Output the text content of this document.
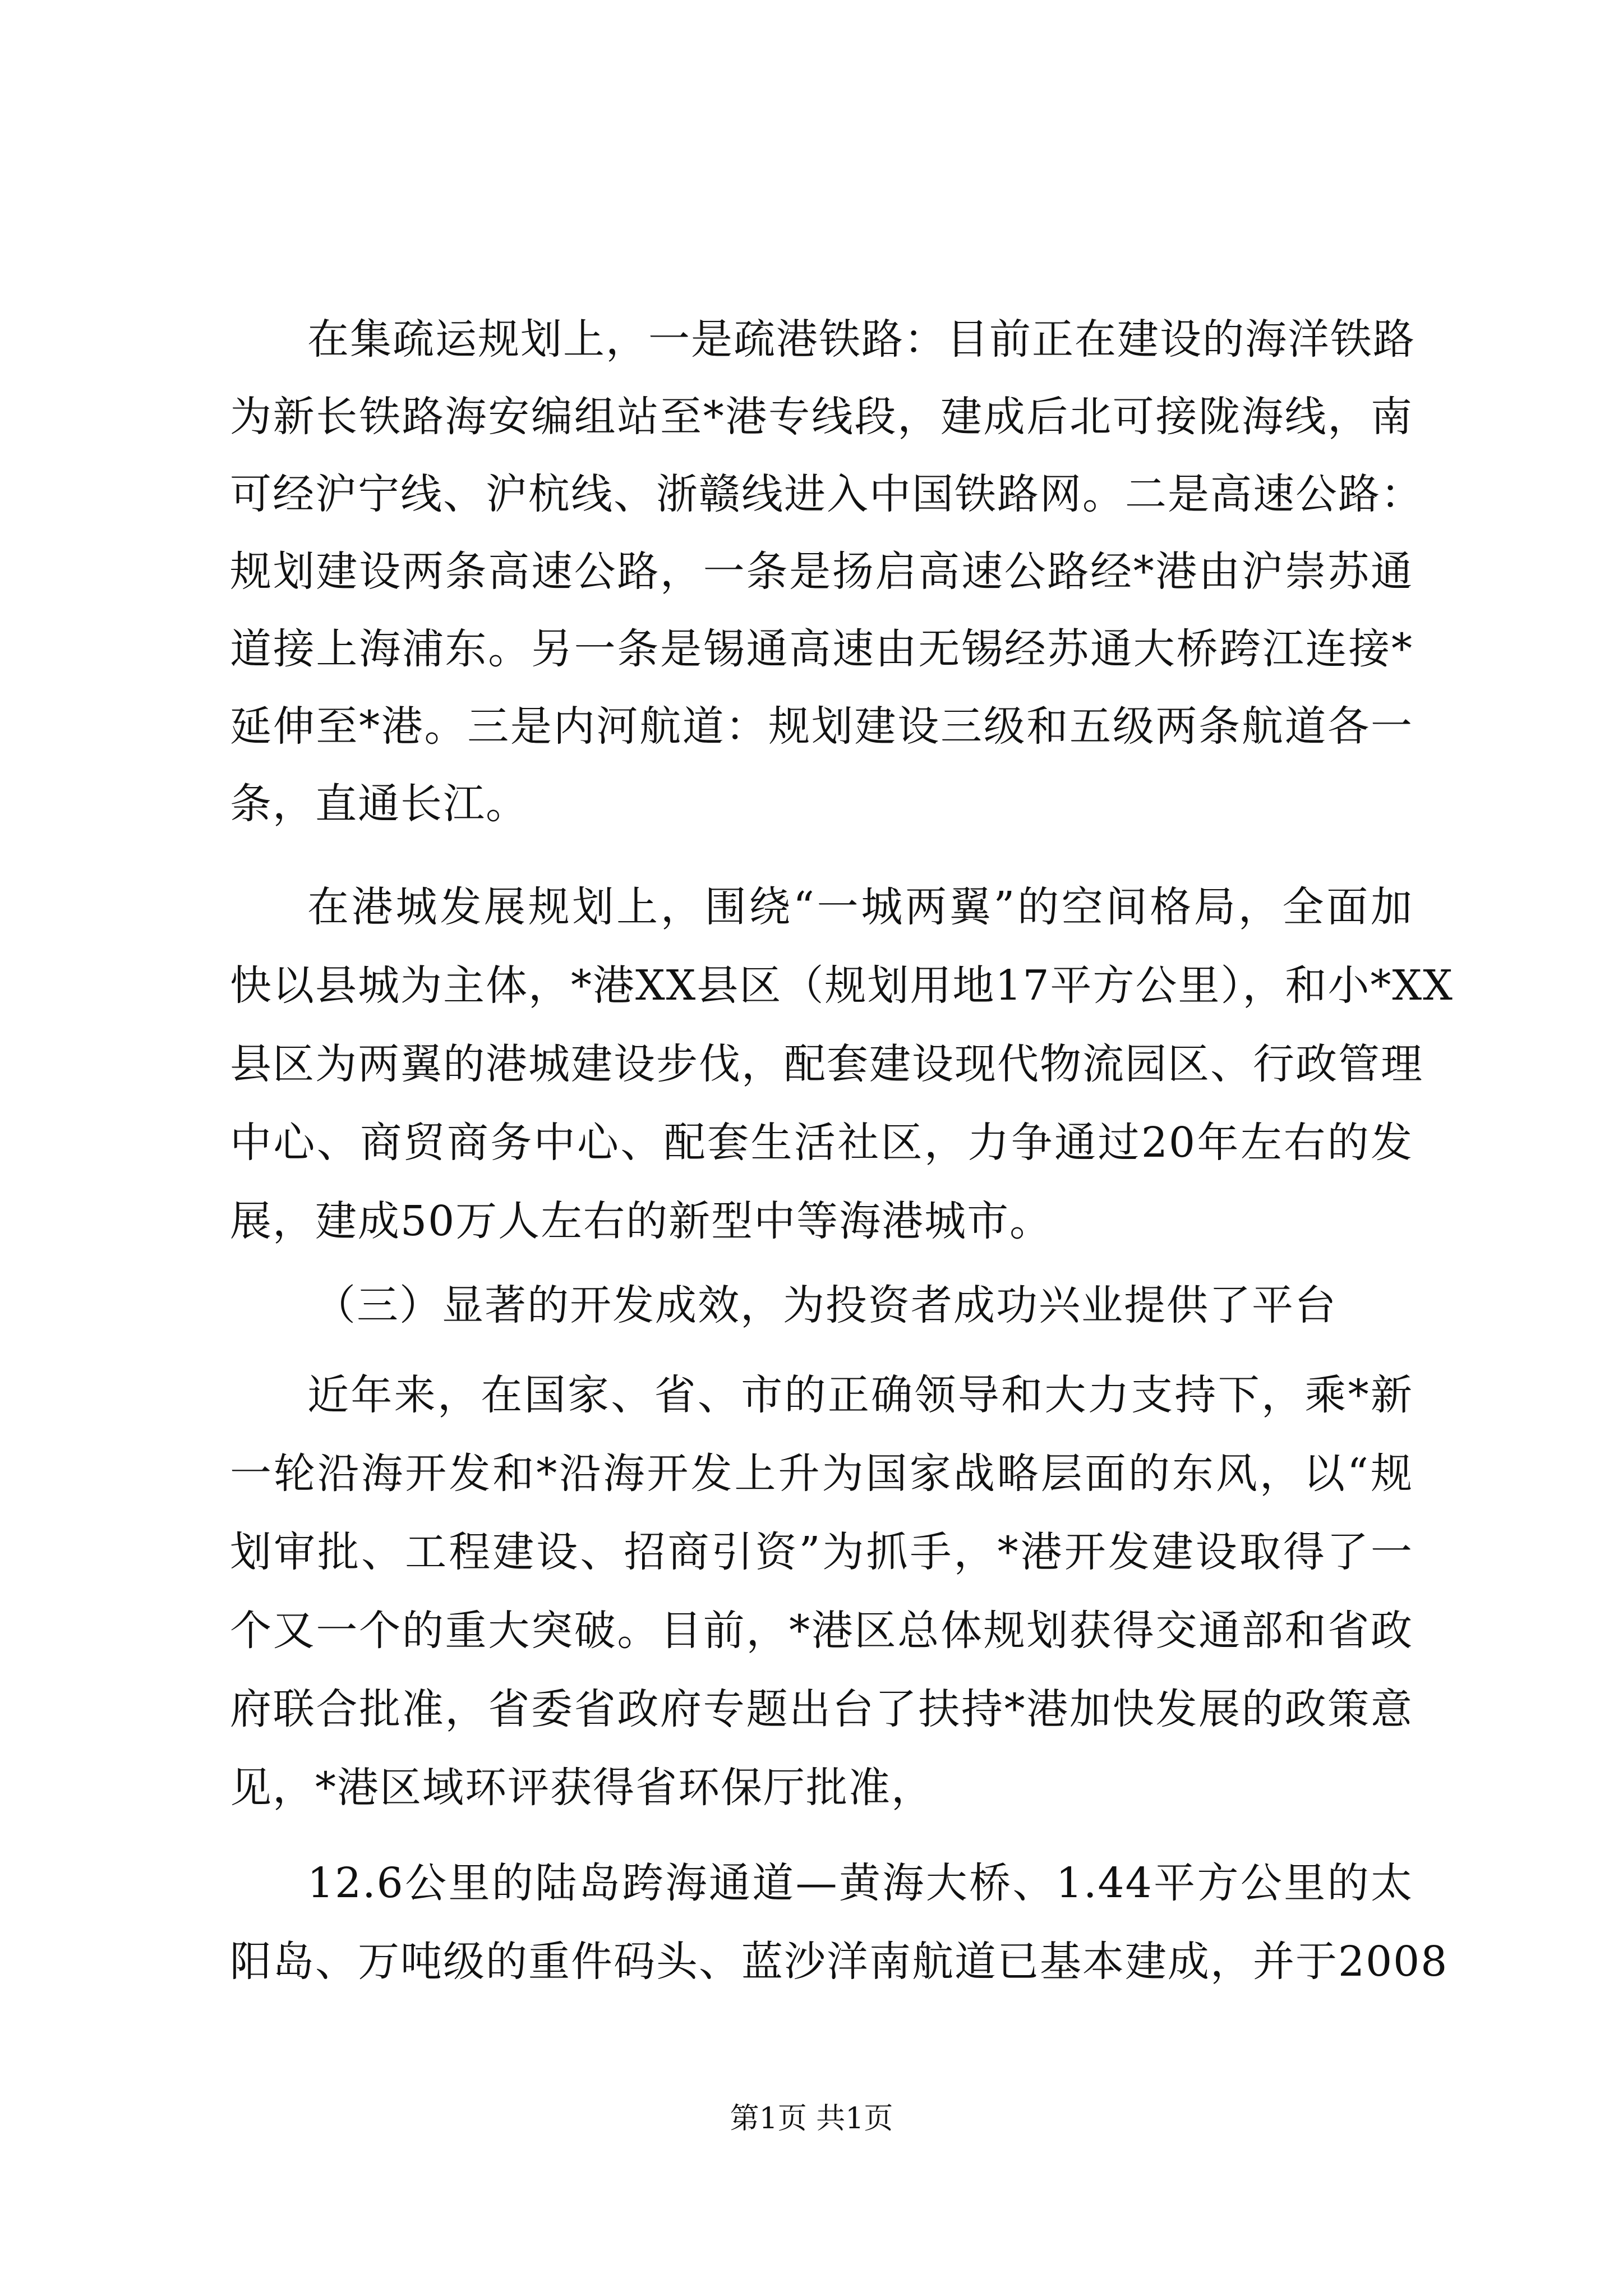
在集疏运规划上，一是疏港铁路：目前正在建设的海洋铁路
为新长铁路海安编组站至*港专线段，建成后北可接陇海线，南
可经沪宁线、沪杭线、浙赣线进入中国铁路网。二是高速公路：
规划建设两条高速公路，一条是扬启高速公路经*港由沪崇苏通
道接上海浦东。另一条是锡通高速由无锡经苏通大桥跨江连接*
延伸至*港。三是内河航道：规划建设三级和五级两条航道各一
条，直通长江。
在港城发展规划上，围绕“一城两翼”的空间格局，全面加
快以县城为主体，*港XX县区（规划用地17平方公里），和小*XX
县区为两翼的港城建设步伐，配套建设现代物流园区、行政管理
中心、商贸商务中心、配套生活社区，力争通过20年左右的发
展，建成50万人左右的新型中等海港城市。
（三）显著的开发成效，为投资者成功兴业提供了平台
近年来，在国家、省、市的正确领导和大力支持下，乘*新
一轮沿海开发和*沿海开发上升为国家战略层面的东风，以“规
划审批、工程建设、招商引资”为抓手，*港开发建设取得了一
个又一个的重大突破。目前，*港区总体规划获得交通部和省政
府联合批准，省委省政府专题出台了扶持*港加快发展的政策意
见，*港区域环评获得省环保厅批准，
12.6公里的陆岛跨海通道—黄海大桥、1.44平方公里的太
阳岛、万吨级的重件码头、蓝沙洋南航道已基本建成，并于2008
第1页 共1页
